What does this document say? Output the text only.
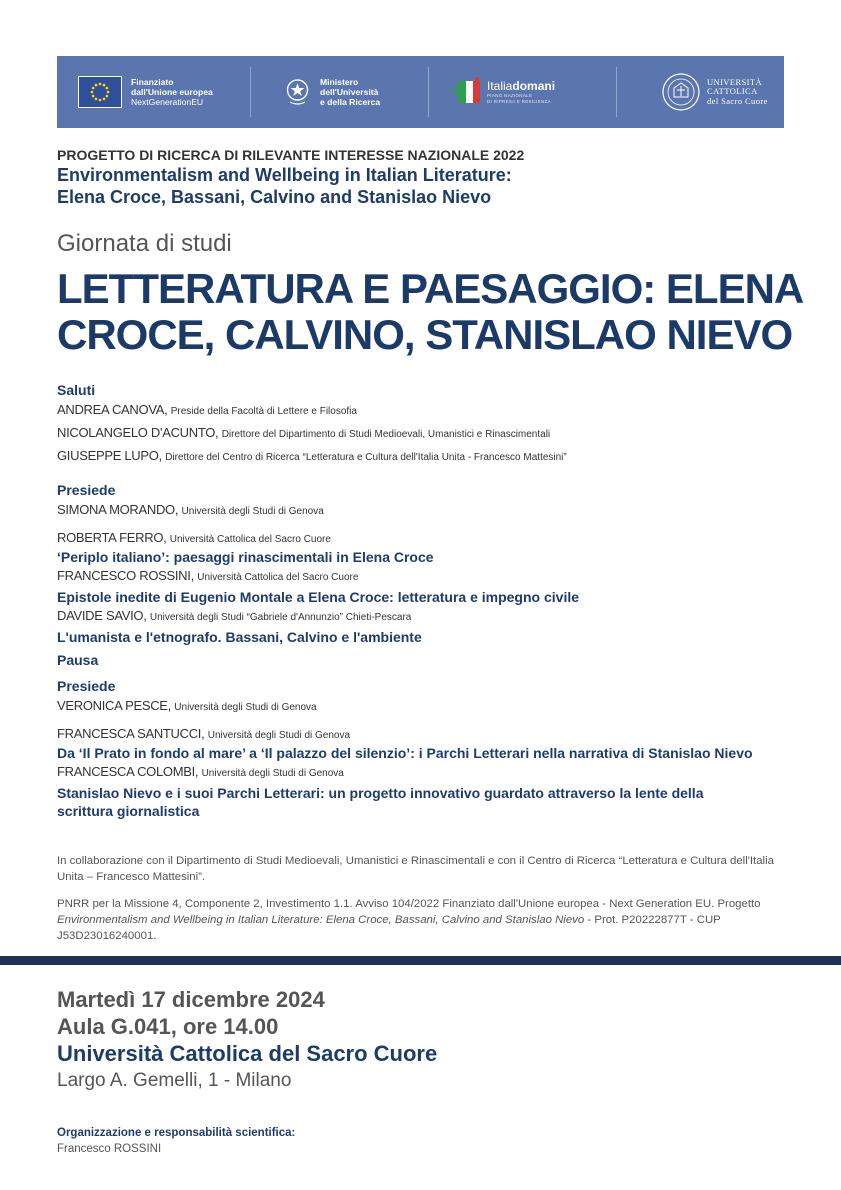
Finanziato
dall'Unione europea
NextGenerationEU
Ministero
dell'Università
e della Ricerca
Italiadomani
PIANO NAZIONALE
DI RIPRESA E RESILIENZA
UNIVERSITÀ
CATTOLICA
del Sacro Cuore
PROGETTO DI RICERCA DI RILEVANTE INTERESSE NAZIONALE 2022
Environmentalism and Wellbeing in Italian Literature:
Elena Croce, Bassani, Calvino and Stanislao Nievo
Giornata di studi
LETTERATURA E PAESAGGIO: ELENA
CROCE, CALVINO, STANISLAO NIEVO
Saluti
ANDREA CANOVA, Preside della Facoltà di Lettere e Filosofia
NICOLANGELO D'ACUNTO, Direttore del Dipartimento di Studi Medioevali, Umanistici e Rinascimentali
GIUSEPPE LUPO, Direttore del Centro di Ricerca “Letteratura e Cultura dell'Italia Unita - Francesco Mattesini”
Presiede
SIMONA MORANDO, Università degli Studi di Genova
ROBERTA FERRO, Università Cattolica del Sacro Cuore
‘Periplo italiano’: paesaggi rinascimentali in Elena Croce
FRANCESCO ROSSINI, Università Cattolica del Sacro Cuore
Epistole inedite di Eugenio Montale a Elena Croce: letteratura e impegno civile
DAVIDE SAVIO, Università degli Studi “Gabriele d'Annunzio” Chieti-Pescara
L'umanista e l'etnografo. Bassani, Calvino e l'ambiente
Pausa
Presiede
VERONICA PESCE, Università degli Studi di Genova
FRANCESCA SANTUCCI, Università degli Studi di Genova
Da ‘Il Prato in fondo al mare’ a ‘Il palazzo del silenzio’: i Parchi Letterari nella narrativa di Stanislao Nievo
FRANCESCA COLOMBI, Università degli Studi di Genova
Stanislao Nievo e i suoi Parchi Letterari: un progetto innovativo guardato attraverso la lente della
scrittura giornalistica

In collaborazione con il Dipartimento di Studi Medioevali, Umanistici e Rinascimentali e con il Centro di Ricerca “Letteratura e Cultura dell'Italia Unita – Francesco Mattesini”.

PNRR per la Missione 4, Componente 2, Investimento 1.1. Avviso 104/2022 Finanziato dall'Unione europea - Next Generation EU. Progetto Environmentalism and Wellbeing in Italian Literature: Elena Croce, Bassani, Calvino and Stanislao Nievo - Prot. P20222877T - CUP J53D23016240001.

Martedì 17 dicembre 2024
Aula G.041, ore 14.00
Università Cattolica del Sacro Cuore
Largo A. Gemelli, 1 - Milano
Organizzazione e responsabilità scientifica:
Francesco ROSSINI
